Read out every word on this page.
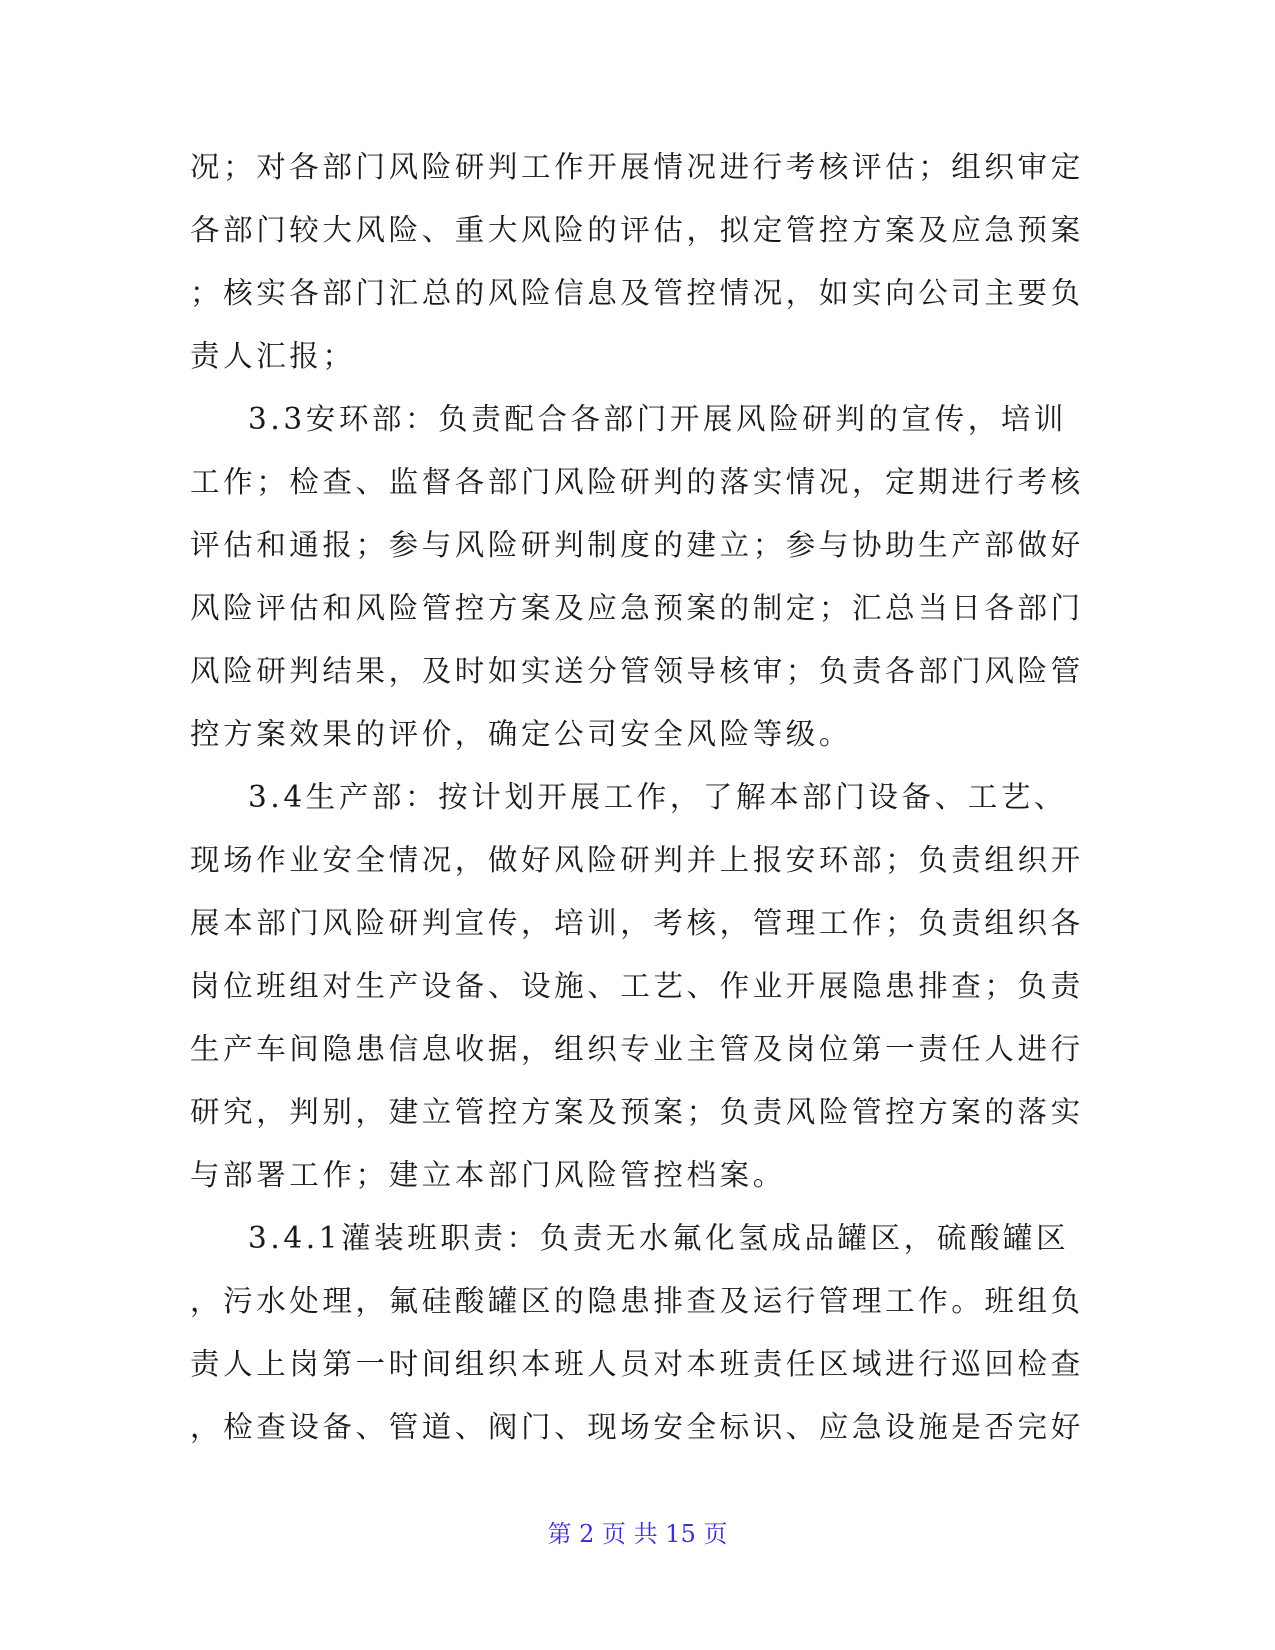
况；对各部门风险研判工作开展情况进行考核评估；组织审定
各部门较大风险、重大风险的评估，拟定管控方案及应急预案
；核实各部门汇总的风险信息及管控情况，如实向公司主要负
责人汇报；
3.3安环部：负责配合各部门开展风险研判的宣传，培训
工作；检查、监督各部门风险研判的落实情况，定期进行考核
评估和通报；参与风险研判制度的建立；参与协助生产部做好
风险评估和风险管控方案及应急预案的制定；汇总当日各部门
风险研判结果，及时如实送分管领导核审；负责各部门风险管
控方案效果的评价，确定公司安全风险等级。
3.4生产部：按计划开展工作，了解本部门设备、工艺、
现场作业安全情况，做好风险研判并上报安环部；负责组织开
展本部门风险研判宣传，培训，考核，管理工作；负责组织各
岗位班组对生产设备、设施、工艺、作业开展隐患排查；负责
生产车间隐患信息收据，组织专业主管及岗位第一责任人进行
研究，判别，建立管控方案及预案；负责风险管控方案的落实
与部署工作；建立本部门风险管控档案。
3.4.1灌装班职责：负责无水氟化氢成品罐区，硫酸罐区
，污水处理，氟硅酸罐区的隐患排查及运行管理工作。班组负
责人上岗第一时间组织本班人员对本班责任区域进行巡回检查
，检查设备、管道、阀门、现场安全标识、应急设施是否完好
第 2 页 共 15 页
